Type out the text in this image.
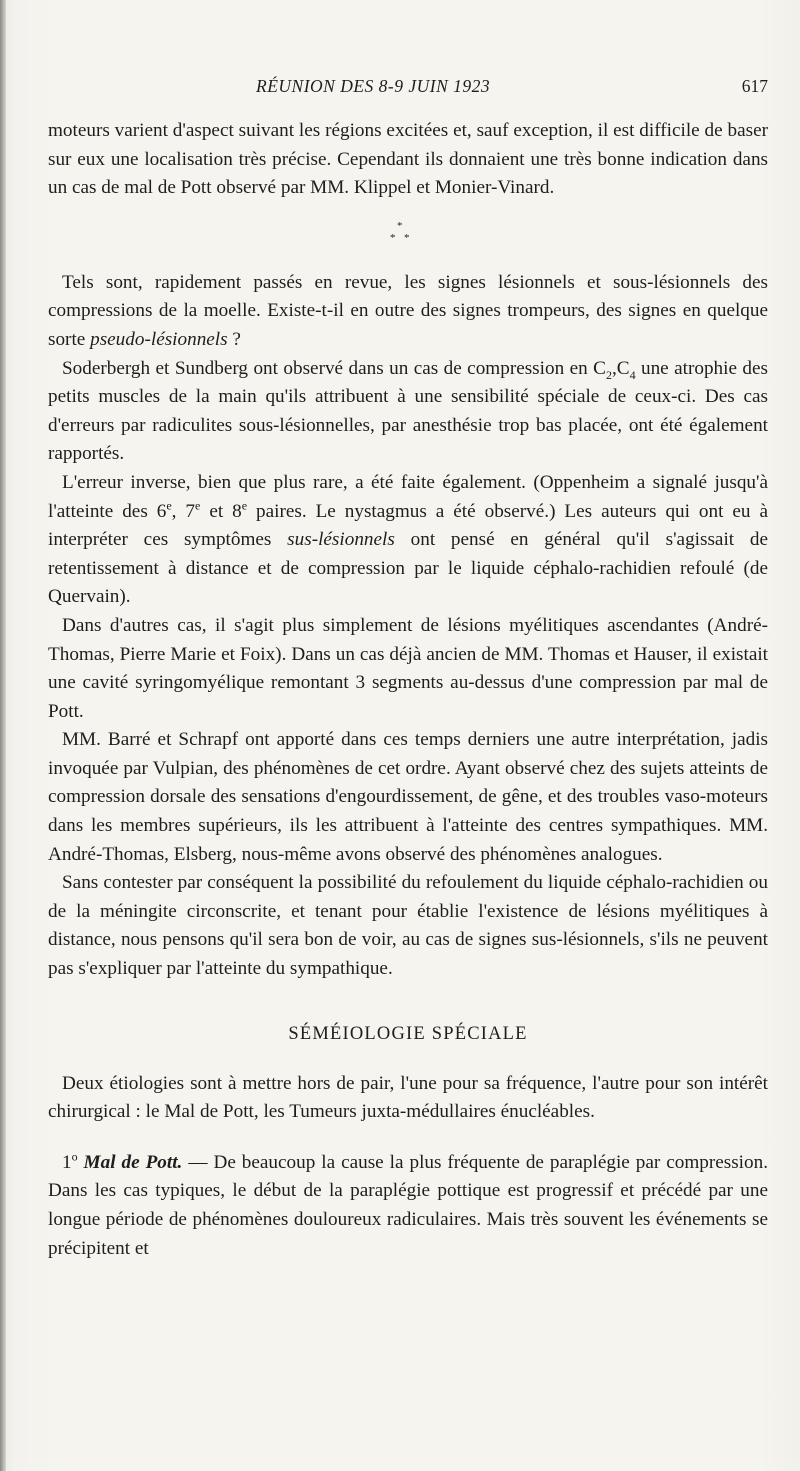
RÉUNION DES 8-9 JUIN 1923	617

moteurs varient d'aspect suivant les régions excitées et, sauf exception, il est difficile de baser sur eux une localisation très précise. Cependant ils donnaient une très bonne indication dans un cas de mal de Pott observé par MM. Klippel et Monier-Vinard.

*
* *

Tels sont, rapidement passés en revue, les signes lésionnels et sous-lésionnels des compressions de la moelle. Existe-t-il en outre des signes trompeurs, des signes en quelque sorte pseudo-lésionnels ?

Soderbergh et Sundberg ont observé dans un cas de compression en $C_2,C_4$ une atrophie des petits muscles de la main qu'ils attribuent à une sensibilité spéciale de ceux-ci. Des cas d'erreurs par radiculites sous-lésionnelles, par anesthésie trop bas placée, ont été également rapportés.

L'erreur inverse, bien que plus rare, a été faite également. (Oppenheim a signalé jusqu'à l'atteinte des 6e, 7e et 8e paires. Le nystagmus a été observé.) Les auteurs qui ont eu à interpréter ces symptômes sus-lésionnels ont pensé en général qu'il s'agissait de retentissement à distance et de compression par le liquide céphalo-rachidien refoulé (de Quervain).

Dans d'autres cas, il s'agit plus simplement de lésions myélitiques ascendantes (André-Thomas, Pierre Marie et Foix). Dans un cas déjà ancien de MM. Thomas et Hauser, il existait une cavité syringomyélique remontant 3 segments au-dessus d'une compression par mal de Pott.

MM. Barré et Schrapf ont apporté dans ces temps derniers une autre interprétation, jadis invoquée par Vulpian, des phénomènes de cet ordre. Ayant observé chez des sujets atteints de compression dorsale des sensations d'engourdissement, de gêne, et des troubles vaso-moteurs dans les membres supérieurs, ils les attribuent à l'atteinte des centres sympathiques. MM. André-Thomas, Elsberg, nous-même avons observé des phénomènes analogues.

Sans contester par conséquent la possibilité du refoulement du liquide céphalo-rachidien ou de la méningite circonscrite, et tenant pour établie l'existence de lésions myélitiques à distance, nous pensons qu'il sera bon de voir, au cas de signes sus-lésionnels, s'ils ne peuvent pas s'expliquer par l'atteinte du sympathique.

SÉMÉIOLOGIE SPÉCIALE

Deux étiologies sont à mettre hors de pair, l'une pour sa fréquence, l'autre pour son intérêt chirurgical : le Mal de Pott, les Tumeurs juxta-médullaires énucléables.

1$^o$ Mal de Pott. — De beaucoup la cause la plus fréquente de paraplégie par compression. Dans les cas typiques, le début de la paraplégie pottique est progressif et précédé par une longue période de phénomènes douloureux radiculaires. Mais très souvent les événements se précipitent et
